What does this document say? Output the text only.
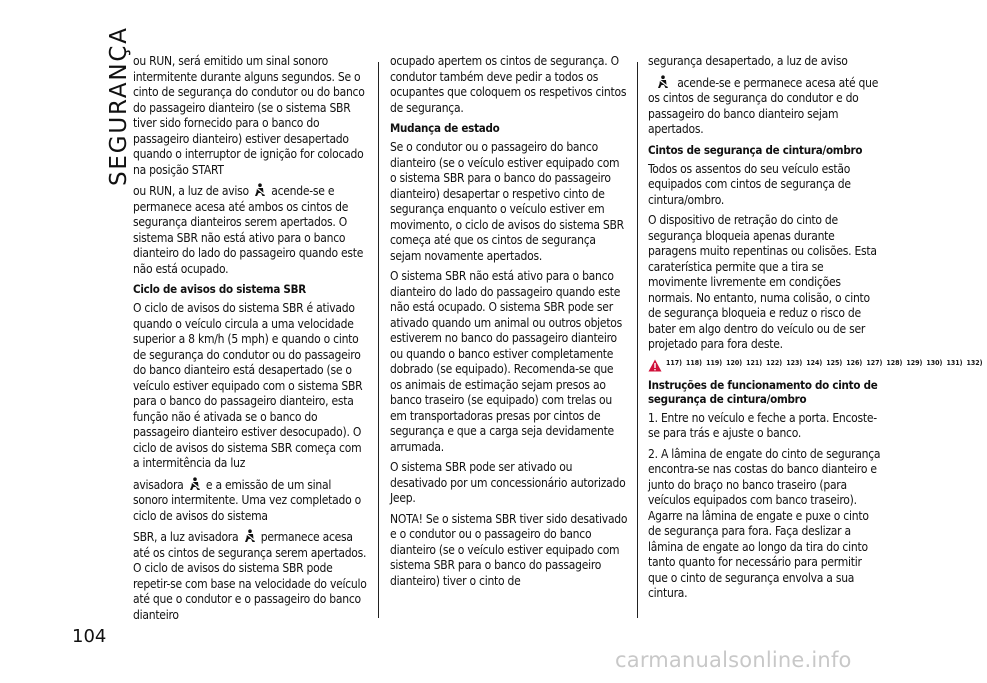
SEGURANÇA
104

ou RUN, será emitido um sinal sonoro intermitente durante alguns segundos. Se o cinto de segurança do condutor ou do banco do passageiro dianteiro (se o sistema SBR tiver sido fornecido para o banco do passageiro dianteiro) estiver desapertado quando o interruptor de ignição for colocado na posição START

ou RUN, a luz de aviso acende-se e permanece acesa até ambos os cintos de segurança dianteiros serem apertados. O sistema SBR não está ativo para o banco dianteiro do lado do passageiro quando este não está ocupado.

Ciclo de avisos do sistema SBR

O ciclo de avisos do sistema SBR é ativado quando o veículo circula a uma velocidade superior a 8 km/h (5 mph) e quando o cinto de segurança do condutor ou do passageiro do banco dianteiro está desapertado (se o veículo estiver equipado com o sistema SBR para o banco do passageiro dianteiro, esta função não é ativada se o banco do passageiro dianteiro estiver desocupado). O ciclo de avisos do sistema SBR começa com a intermitência da luz

avisadora e a emissão de um sinal sonoro intermitente. Uma vez completado o ciclo de avisos do sistema

SBR, a luz avisadora permanece acesa até os cintos de segurança serem apertados. O ciclo de avisos do sistema SBR pode repetir-se com base na velocidade do veículo até que o condutor e o passageiro do banco dianteiro

ocupado apertem os cintos de segurança. O condutor também deve pedir a todos os ocupantes que coloquem os respetivos cintos de segurança.

Mudança de estado

Se o condutor ou o passageiro do banco dianteiro (se o veículo estiver equipado com o sistema SBR para o banco do passageiro dianteiro) desapertar o respetivo cinto de segurança enquanto o veículo estiver em movimento, o ciclo de avisos do sistema SBR começa até que os cintos de segurança sejam novamente apertados.

O sistema SBR não está ativo para o banco dianteiro do lado do passageiro quando este não está ocupado. O sistema SBR pode ser ativado quando um animal ou outros objetos estiverem no banco do passageiro dianteiro ou quando o banco estiver completamente dobrado (se equipado). Recomenda-se que os animais de estimação sejam presos ao banco traseiro (se equipado) com trelas ou em transportadoras presas por cintos de segurança e que a carga seja devidamente arrumada.

O sistema SBR pode ser ativado ou desativado por um concessionário autorizado Jeep.

NOTA! Se o sistema SBR tiver sido desativado e o condutor ou o passageiro do banco dianteiro (se o veículo estiver equipado com sistema SBR para o banco do passageiro dianteiro) tiver o cinto de

segurança desapertado, a luz de aviso

acende-se e permanece acesa até que os cintos de segurança do condutor e do passageiro do banco dianteiro sejam apertados.

Cintos de segurança de cintura/ombro

Todos os assentos do seu veículo estão equipados com cintos de segurança de cintura/ombro.

O dispositivo de retração do cinto de segurança bloqueia apenas durante paragens muito repentinas ou colisões. Esta caraterística permite que a tira se movimente livremente em condições normais. No entanto, numa colisão, o cinto de segurança bloqueia e reduz o risco de bater em algo dentro do veículo ou de ser projetado para fora deste.

117) 118) 119) 120) 121) 122) 123) 124) 125) 126) 127) 128) 129) 130) 131) 132)
Instruções de funcionamento do cinto de segurança de cintura/ombro

1. Entre no veículo e feche a porta. Encoste-se para trás e ajuste o banco.

2. A lâmina de engate do cinto de segurança encontra-se nas costas do banco dianteiro e junto do braço no banco traseiro (para veículos equipados com banco traseiro). Agarre na lâmina de engate e puxe o cinto de segurança para fora. Faça deslizar a lâmina de engate ao longo da tira do cinto tanto quanto for necessário para permitir que o cinto de segurança envolva a sua cintura.

carmanualsonline.info
